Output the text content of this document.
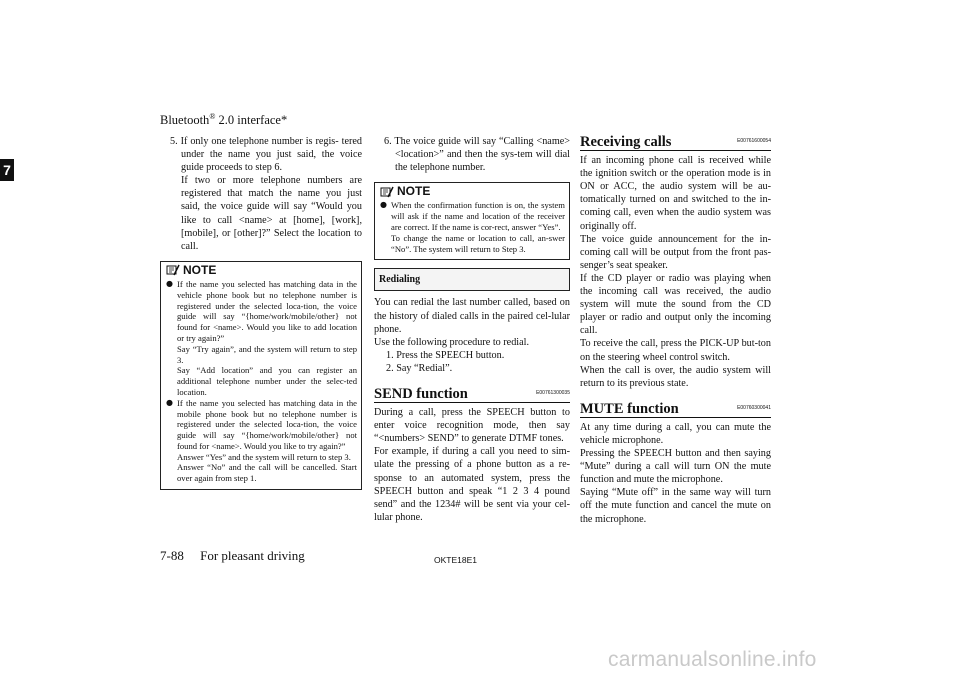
Bluetooth® 2.0 interface*
7

5. If only one telephone number is regis- tered under the name you just said, the voice guide proceeds to step 6.

If two or more telephone numbers are registered that match the name you just said, the voice guide will say “Would you like to call <name> at [home], [work], [mobile], or [other]?” Select the location to call.

NOTE
● If the name you selected has matching data in the vehicle phone book but no telephone number is registered under the selected loca-tion, the voice guide will say “{home/work/mobile/other} not found for <name>. Would you like to add location or try again?”
Say “Try again”, and the system will return to step 3.
Say “Add location” and you can register an additional telephone number under the selec-ted location.
● If the name you selected has matching data in the mobile phone book but no telephone number is registered under the selected loca-tion, the voice guide will say “{home/work/mobile/other} not found for <name>. Would you like to try again?”
Answer “Yes” and the system will return to step 3.
Answer “No” and the call will be cancelled. Start over again from step 1.

6. The voice guide will say “Calling <name> <location>” and then the sys-tem will dial the telephone number.

NOTE
● When the confirmation function is on, the system will ask if the name and location of the receiver are correct. If the name is cor-rect, answer “Yes”.
To change the name or location to call, an-swer “No”. The system will return to Step 3.
Redialing

You can redial the last number called, based on the history of dialed calls in the paired cel-lular phone.

Use the following procedure to redial.

1. Press the SPEECH button.

2. Say “Redial”.

SEND function	E00761300035

During a call, press the SPEECH button to enter voice recognition mode, then say “<numbers> SEND” to generate DTMF tones.

For example, if during a call you need to sim-ulate the pressing of a phone button as a re-sponse to an automated system, press the SPEECH button and speak “1 2 3 4 pound send” and the 1234# will be sent via your cel-lular phone.

Receiving calls	E00761600054

If an incoming phone call is received while the ignition switch or the operation mode is in ON or ACC, the audio system will be au-tomatically turned on and switched to the in-coming call, even when the audio system was originally off.

The voice guide announcement for the in-coming call will be output from the front pas-senger’s seat speaker.

If the CD player or radio was playing when the incoming call was received, the audio system will mute the sound from the CD player or radio and output only the incoming call.

To receive the call, press the PICK-UP but-ton on the steering wheel control switch.

When the call is over, the audio system will return to its previous state.

MUTE function	E00760300041

At any time during a call, you can mute the vehicle microphone.

Pressing the SPEECH button and then saying “Mute” during a call will turn ON the mute function and mute the microphone.

Saying “Mute off” in the same way will turn off the mute function and cancel the mute on the microphone.

7-88 For pleasant driving	OKTE18E1
carmanualsonline.info
